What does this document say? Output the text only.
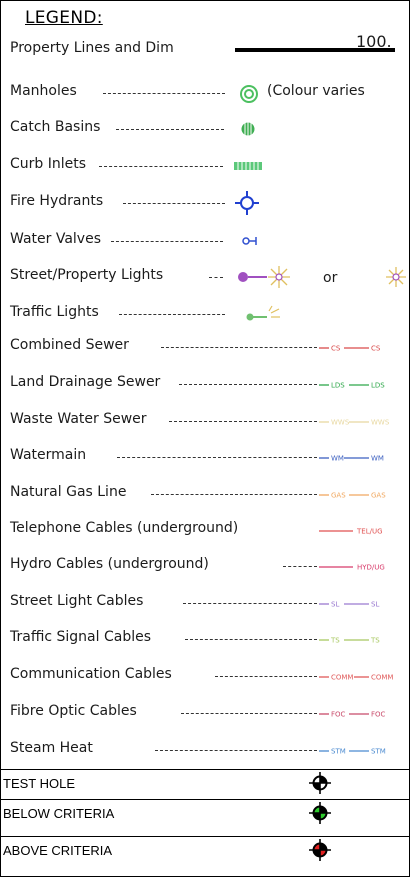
LEGEND:
Property Lines and Dim	100.
Manholes	(Colour varies
Catch Basins
Curb Inlets
Fire Hydrants
Water Valves
Street/Property Lights	or
Traffic Lights
Combined Sewer	CS	CS
Land Drainage Sewer	LDS	LDS
Waste Water Sewer	WWS	WWS
Watermain	WM	WM
Natural Gas Line	GAS	GAS
Telephone Cables (underground)	TEL/UG
Hydro Cables (underground)	HYD/UG
Street Light Cables	SL	SL
Traffic Signal Cables	TS	TS
Communication Cables	COMM	COMM
Fibre Optic Cables	FOC	FOC
Steam Heat	STM	STM
TEST HOLE
BELOW CRITERIA
ABOVE CRITERIA
